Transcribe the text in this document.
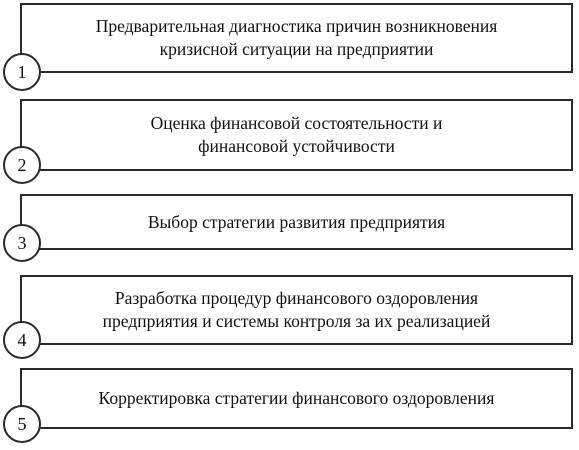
Предварительная диагностика причин возникновения
кризисной ситуации на предприятии
1
Оценка финансовой состоятельности и
финансовой устойчивости
2
Выбор стратегии развития предприятия
3
Разработка процедур финансового оздоровления
предприятия и системы контроля за их реализацией
4
Корректировка стратегии финансового оздоровления
5
